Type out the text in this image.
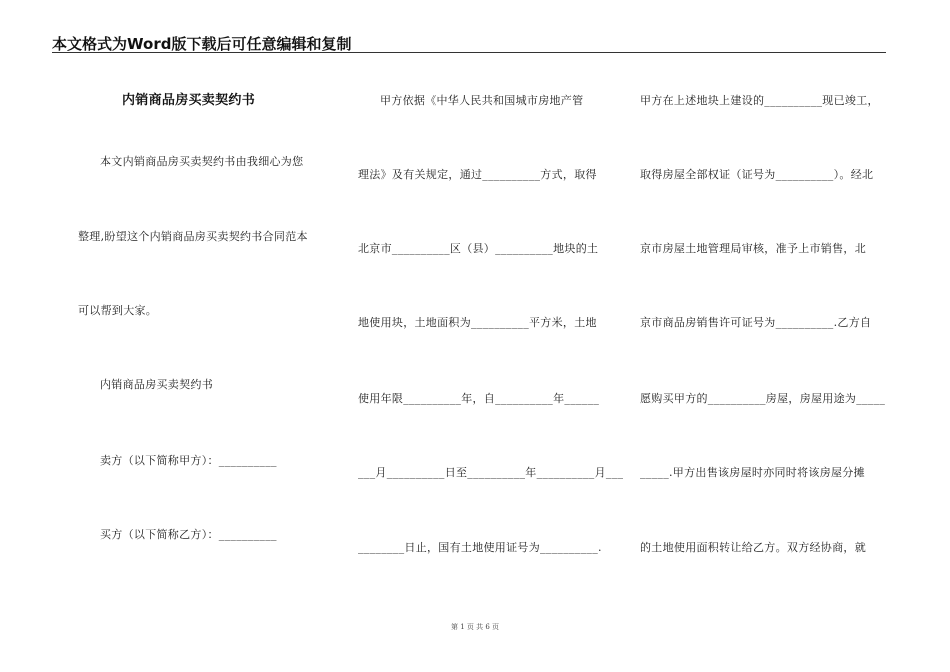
本文格式为Word版下载后可任意编辑和复制
内销商品房买卖契约书
本文内销商品房买卖契约书由我细心为您
整理,盼望这个内销商品房买卖契约书合同范本
可以帮到大家。
内销商品房买卖契约书
卖方（以下简称甲方）：__________
买方（以下简称乙方）：__________
甲方依据《中华人民共和国城市房地产管
理法》及有关规定，通过__________方式，取得
北京市__________区（县）__________地块的土
地使用块，土地面积为__________平方米，土地
使用年限__________年，自__________年______
___月__________日至__________年__________月___
________日止，国有土地使用证号为__________.
甲方在上述地块上建设的__________现已竣工，
取得房屋全部权证（证号为__________）。经北
京市房屋土地管理局审核，准予上市销售，北
京市商品房销售许可证号为__________.乙方自
愿购买甲方的__________房屋，房屋用途为_____
_____.甲方出售该房屋时亦同时将该房屋分摊
的土地使用面积转让给乙方。双方经协商，就
第 1 页 共 6 页
